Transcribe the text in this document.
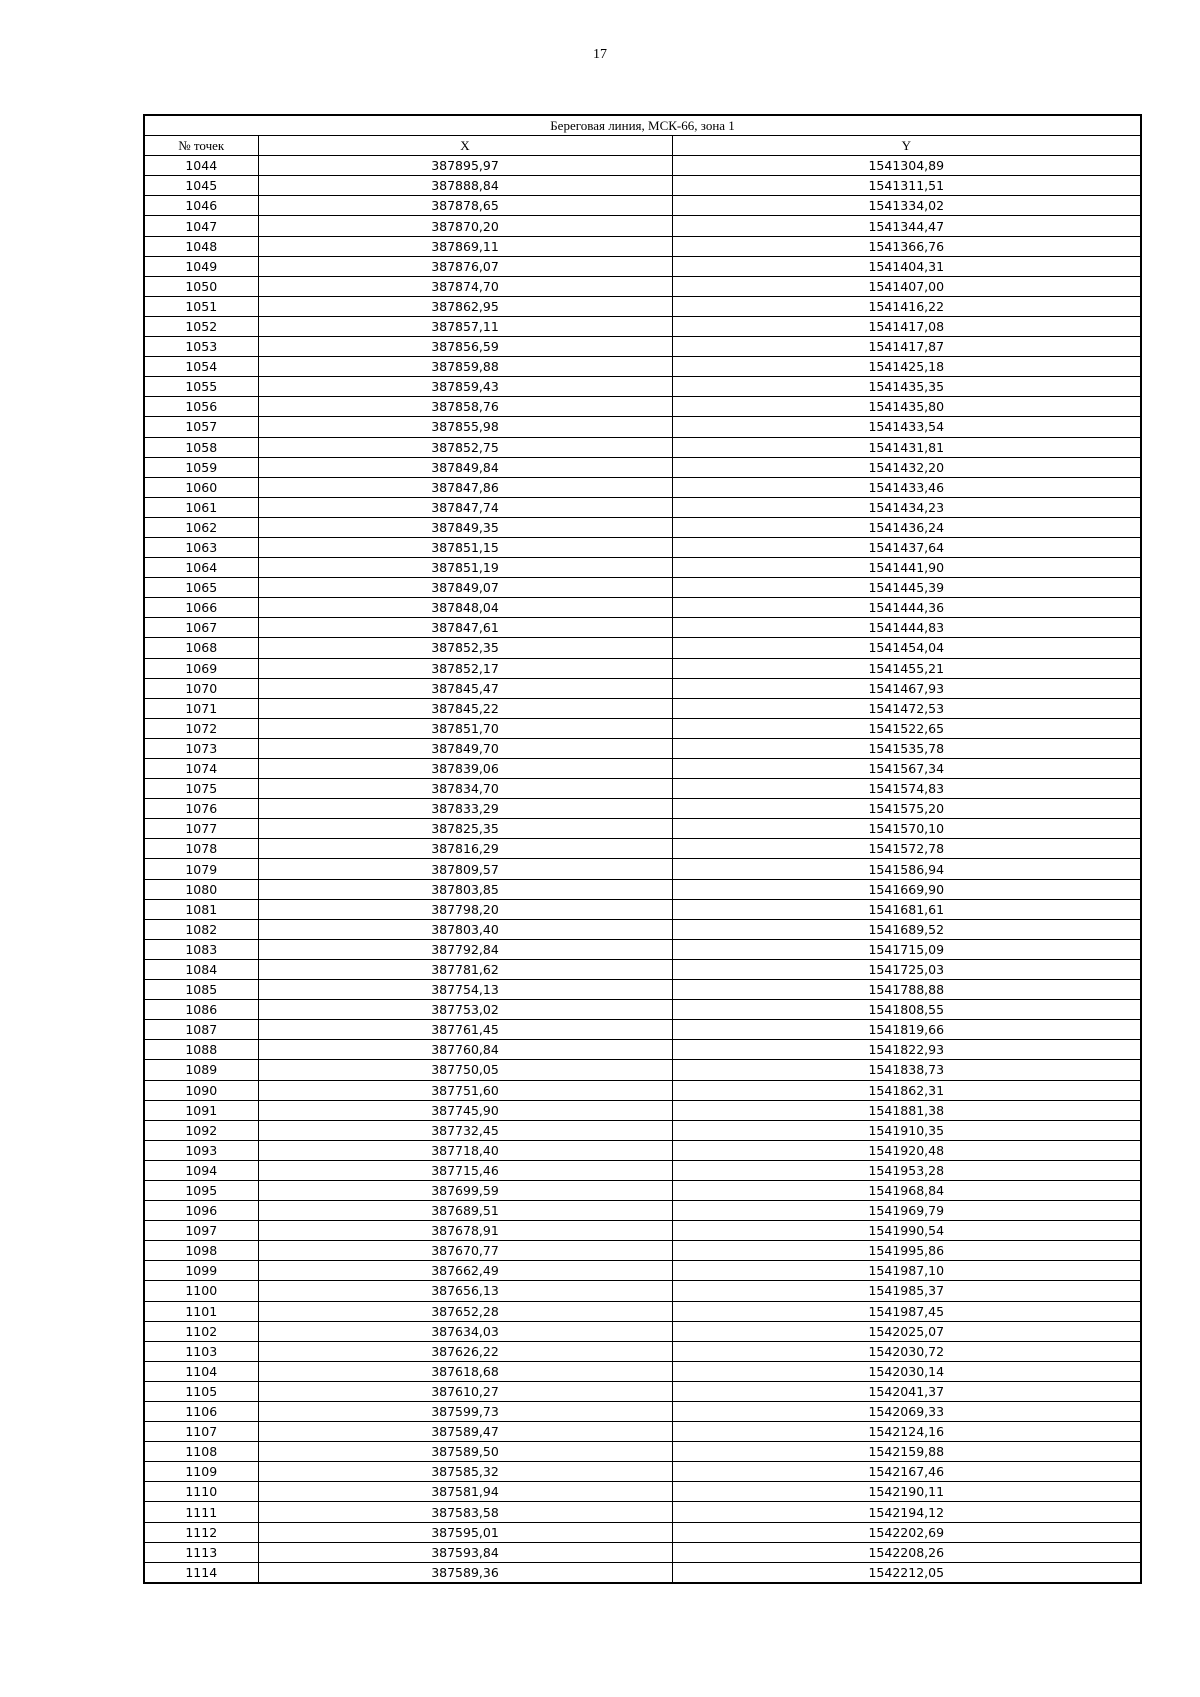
17
Береговая линия, МСК-66, зона 1		
№ точек	X	Y
1044	387895,97	1541304,89
1045	387888,84	1541311,51
1046	387878,65	1541334,02
1047	387870,20	1541344,47
1048	387869,11	1541366,76
1049	387876,07	1541404,31
1050	387874,70	1541407,00
1051	387862,95	1541416,22
1052	387857,11	1541417,08
1053	387856,59	1541417,87
1054	387859,88	1541425,18
1055	387859,43	1541435,35
1056	387858,76	1541435,80
1057	387855,98	1541433,54
1058	387852,75	1541431,81
1059	387849,84	1541432,20
1060	387847,86	1541433,46
1061	387847,74	1541434,23
1062	387849,35	1541436,24
1063	387851,15	1541437,64
1064	387851,19	1541441,90
1065	387849,07	1541445,39
1066	387848,04	1541444,36
1067	387847,61	1541444,83
1068	387852,35	1541454,04
1069	387852,17	1541455,21
1070	387845,47	1541467,93
1071	387845,22	1541472,53
1072	387851,70	1541522,65
1073	387849,70	1541535,78
1074	387839,06	1541567,34
1075	387834,70	1541574,83
1076	387833,29	1541575,20
1077	387825,35	1541570,10
1078	387816,29	1541572,78
1079	387809,57	1541586,94
1080	387803,85	1541669,90
1081	387798,20	1541681,61
1082	387803,40	1541689,52
1083	387792,84	1541715,09
1084	387781,62	1541725,03
1085	387754,13	1541788,88
1086	387753,02	1541808,55
1087	387761,45	1541819,66
1088	387760,84	1541822,93
1089	387750,05	1541838,73
1090	387751,60	1541862,31
1091	387745,90	1541881,38
1092	387732,45	1541910,35
1093	387718,40	1541920,48
1094	387715,46	1541953,28
1095	387699,59	1541968,84
1096	387689,51	1541969,79
1097	387678,91	1541990,54
1098	387670,77	1541995,86
1099	387662,49	1541987,10
1100	387656,13	1541985,37
1101	387652,28	1541987,45
1102	387634,03	1542025,07
1103	387626,22	1542030,72
1104	387618,68	1542030,14
1105	387610,27	1542041,37
1106	387599,73	1542069,33
1107	387589,47	1542124,16
1108	387589,50	1542159,88
1109	387585,32	1542167,46
1110	387581,94	1542190,11
1111	387583,58	1542194,12
1112	387595,01	1542202,69
1113	387593,84	1542208,26
1114	387589,36	1542212,05
